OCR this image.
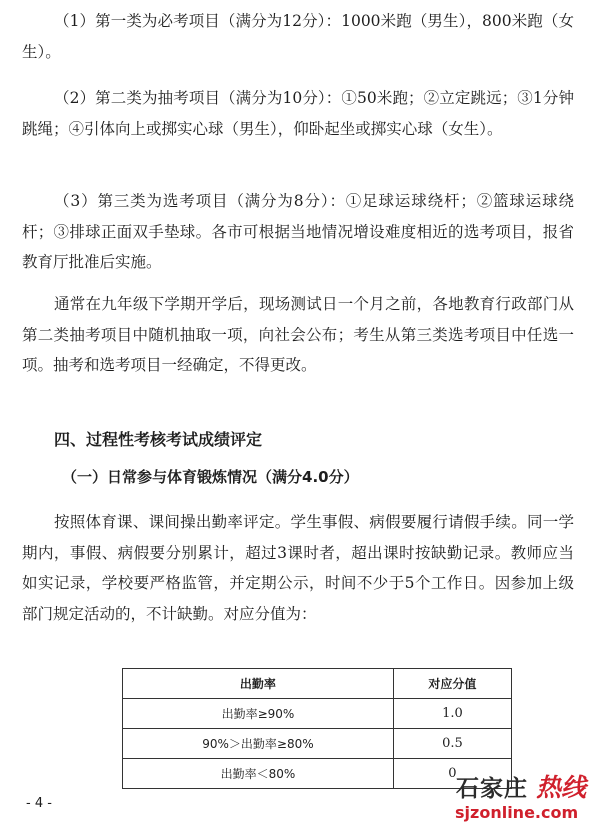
（1）第一类为必考项目（满分为12分）：1000米跑（男生），800米跑（女生）。

（2）第二类为抽考项目（满分为10分）：①50米跑；②立定跳远；③1分钟跳绳；④引体向上或掷实心球（男生），仰卧起坐或掷实心球（女生）。

（3）第三类为选考项目（满分为8分）：①足球运球绕杆；②篮球运球绕杆；③排球正面双手垫球。各市可根据当地情况增设难度相近的选考项目，报省教育厅批准后实施。

通常在九年级下学期开学后，现场测试日一个月之前，各地教育行政部门从第二类抽考项目中随机抽取一项，向社会公布；考生从第三类选考项目中任选一项。抽考和选考项目一经确定，不得更改。

四、过程性考核考试成绩评定
（一）日常参与体育锻炼情况（满分4.0分）

按照体育课、课间操出勤率评定。学生事假、病假要履行请假手续。同一学期内，事假、病假要分别累计，超过3课时者，超出课时按缺勤记录。教师应当如实记录，学校要严格监管，并定期公示，时间不少于5个工作日。因参加上级部门规定活动的，不计缺勤。对应分值为：

出勤率	对应分值
出勤率≥90%	1.0
90%＞出勤率≥80%	0.5
出勤率＜80%	0
- 4 -
石家庄 热线
sjzonline.com
